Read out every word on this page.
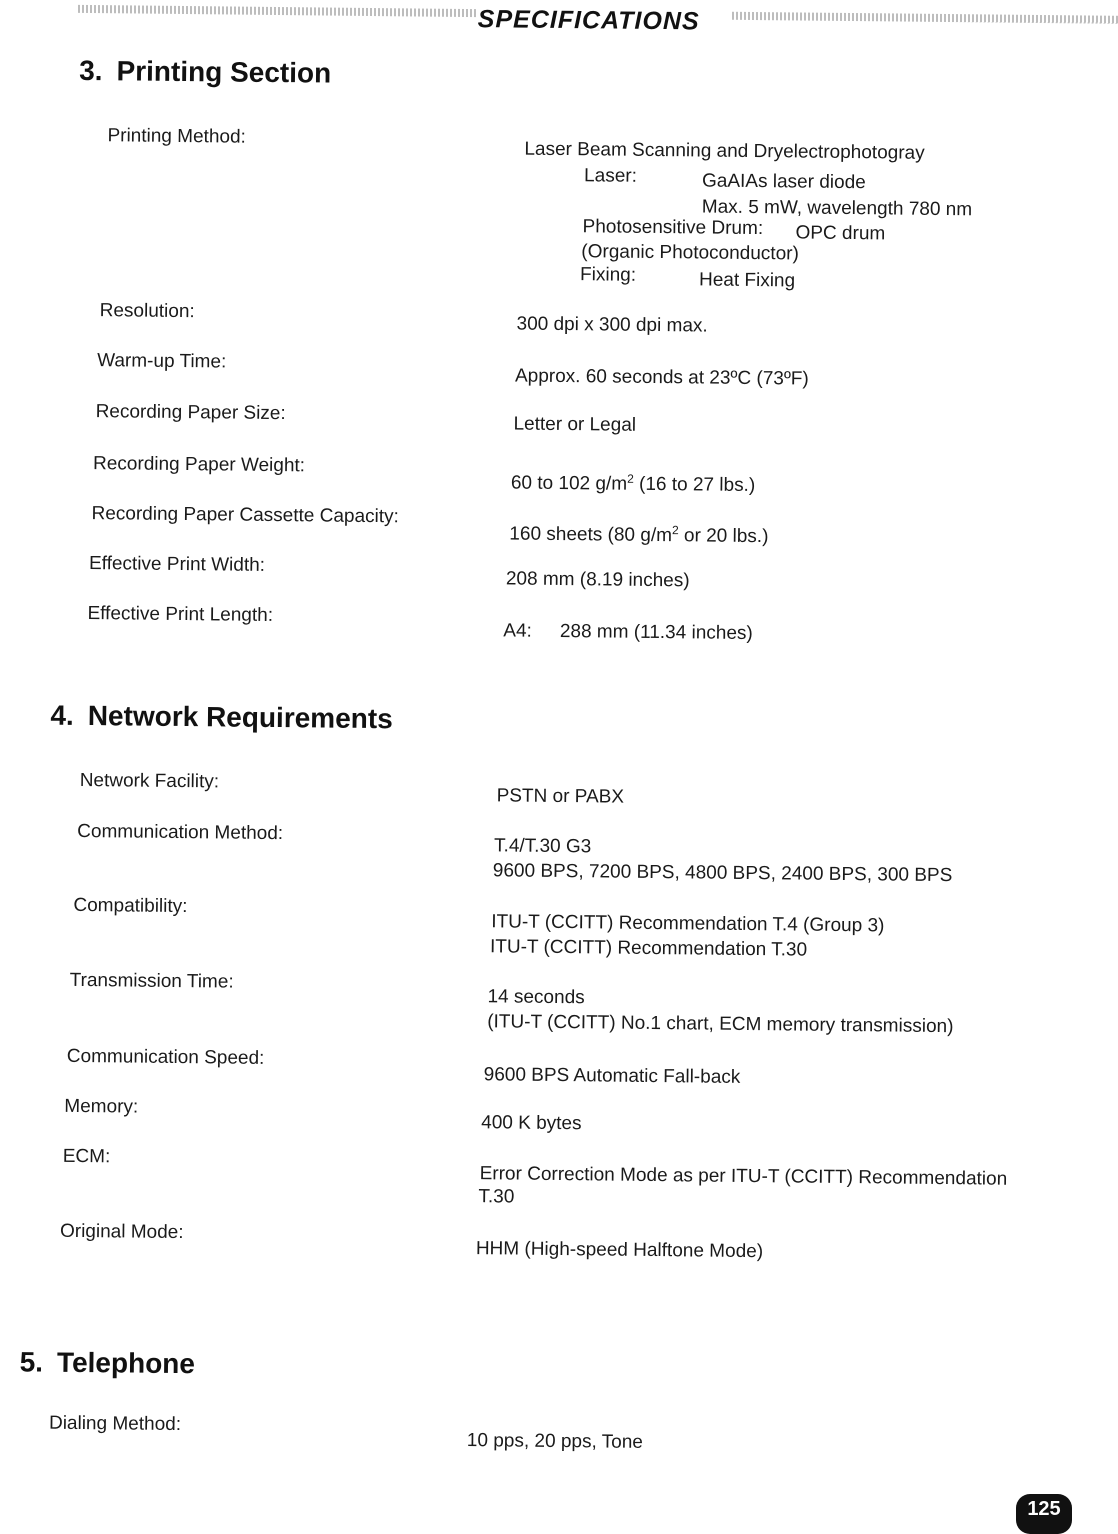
SPECIFICATIONS
3. Printing Section
Printing Method:
Laser Beam Scanning and Dryelectrophotogray
Laser:	GaAIAs laser diode
Max. 5 mW, wavelength 780 nm
Photosensitive Drum: OPC drum
(Organic Photoconductor)
Fixing:	Heat Fixing
Resolution:
300 dpi x 300 dpi max.
Warm-up Time:
Approx. 60 seconds at 23ºC (73ºF)
Recording Paper Size:
Letter or Legal
Recording Paper Weight:
60 to 102 $g/m^2$ (16 to 27 lbs.)
Recording Paper Cassette Capacity:
160 sheets (80 $g/m^2$ or 20 lbs.)
Effective Print Width:
208 mm (8.19 inches)
Effective Print Length:
A4: 288 mm (11.34 inches)
4. Network Requirements
Network Facility:
PSTN or PABX
Communication Method:
T.4/T.30 G3
9600 BPS, 7200 BPS, 4800 BPS, 2400 BPS, 300 BPS
Compatibility:
ITU-T (CCITT) Recommendation T.4 (Group 3)
ITU-T (CCITT) Recommendation T.30
Transmission Time:
14 seconds
(ITU-T (CCITT) No.1 chart, ECM memory transmission)
Communication Speed:
9600 BPS Automatic Fall-back
Memory:
400 K bytes
ECM:
Error Correction Mode as per ITU-T (CCITT) Recommendation
T.30
Original Mode:
HHM (High-speed Halftone Mode)
5. Telephone
Dialing Method:
10 pps, 20 pps, Tone
125
